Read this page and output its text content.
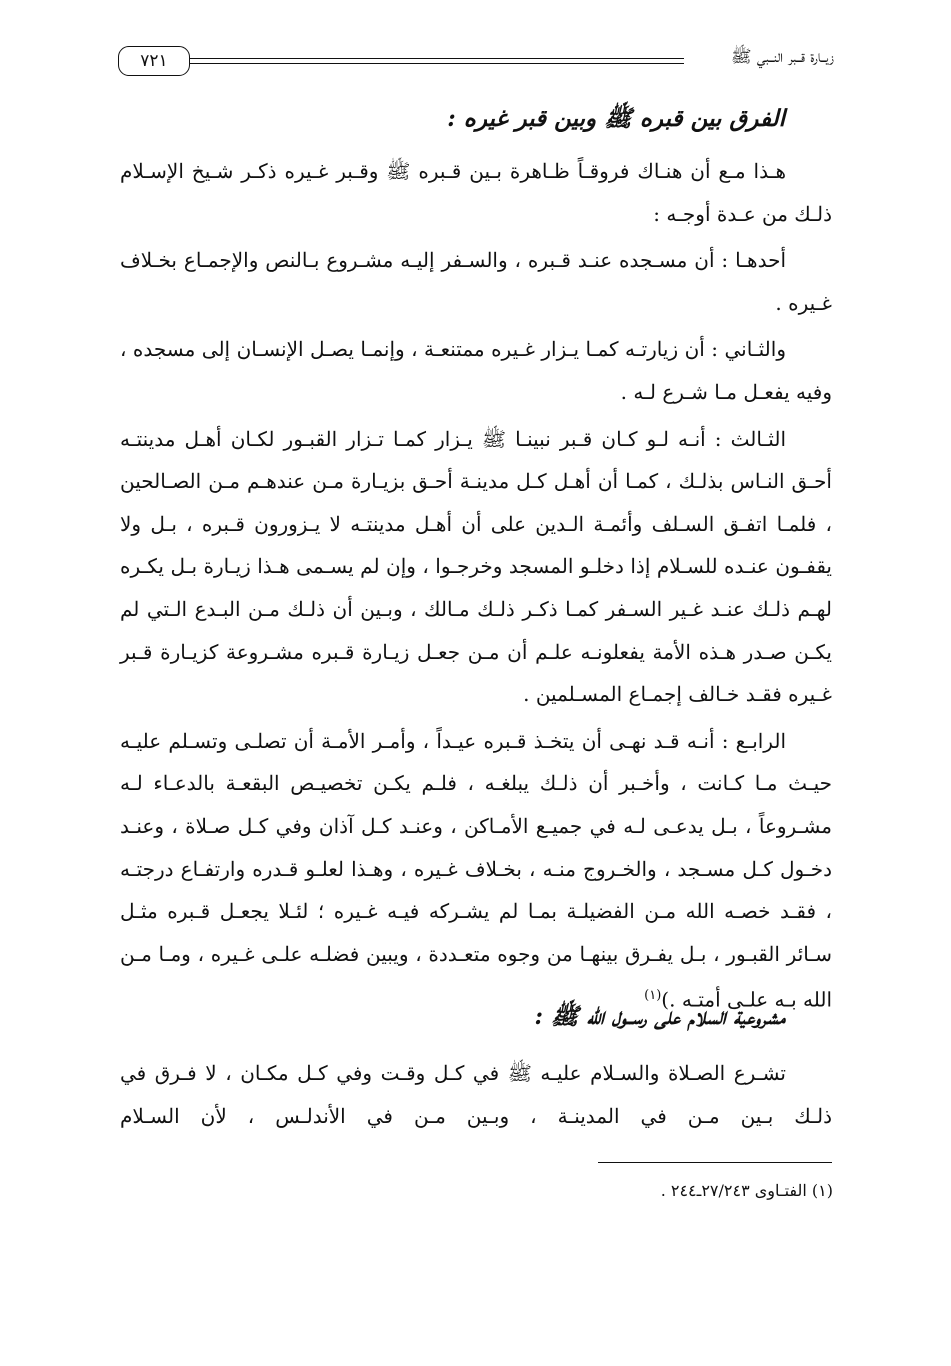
زيــارة قــبر النــبي ﷺ
٧٢١
الفرق بين قبره ﷺ وبين قبر غيره :

هـذا مـع أن هنـاك فروقـاً ظـاهرة بـين قـبره ﷺ وقـبر غـيره ذكـر شـيخ الإسـلام ذلـك من عـدة أوجـه :

أحدهـا : أن مسـجده عنـد قـبره ، والسـفر إليـه مشـروع بـالنص والإجمـاع بخـلاف غـيره .

والثـاني : أن زيارتـه كمـا يـزار غـيره ممتنعـة ، وإنمـا يصـل الإنسـان إلى مسجده ، وفيه يفعـل مـا شـرع لـه .

الثـالث : أنـه لـو كـان قـبر نبينـا ﷺ يـزار كمـا تـزار القبـور لكـان أهـل مدينتـه أحـق النـاس بذلـك ، كمـا أن أهـل كـل مدينـة أحـق بزيـارة مـن عندهـم مـن الصـالحين ، فلمـا اتفـق السـلف وأئمـة الـدين على أن أهـل مدينتـه لا يـزورون قـبره ، بـل ولا يقفـون عنـده للسـلام إذا دخلـو المسجد وخرجـوا ، وإن لم يسـمى هـذا زيـارة بـل يكـره لهـم ذلـك عنـد غـير السـفر كمـا ذكـر ذلـك مـالك ، وبـين أن ذلـك مـن البـدع الـتي لم يكـن صـدر هـذه الأمة يفعلونـه علـم أن مـن جعـل زيـارة قـبره مشـروعة كزيـارة قـبر غـيره فقـد خـالف إجمـاع المسـلمين .

الرابـع : أنـه قـد نهـى أن يتخـذ قـبره عيـداً ، وأمـر الأمـة أن تصلـى وتسـلم عليـه حيـث مـا كـانت ، وأخـبر أن ذلـك يبلغـه ، فلـم يكـن تخصيـص البقعـة بالدعـاء لـه مشـروعاً ، بـل يدعـى لـه في جميـع الأمـاكن ، وعنـد كـل آذان وفي كـل صـلاة ، وعنـد دخـول كـل مسـجد ، والخـروج منـه ، بخـلاف غـيره ، وهـذا لعلـو قـدره وارتفـاع درجتـه ، فقـد خصـه الله مـن الفضيلـة بمـا لم يشـركه فيـه غـيره ؛ لئـلا يجعـل قـبره مثـل سـائر القبـور ، بـل يفـرق بينهـا من وجوه متعـددة ، ويبين فضلـه علـى غـيره ، ومـا مـن الله بـه علـى أمتـه .)$^{(١)}$

مشروعية السلام على رســول الله ﷺ :

تشـرع الصـلاة والسـلام عليـه ﷺ في كـل وقـت وفي كـل مكـان ، لا فـرق في ذلـك بـين مـن في المدينـة ، وبـين مـن في الأندلـس ، لأن السـلام

(١) الفتـاوى ٢٧/٢٤٣ـ٢٤٤ .
